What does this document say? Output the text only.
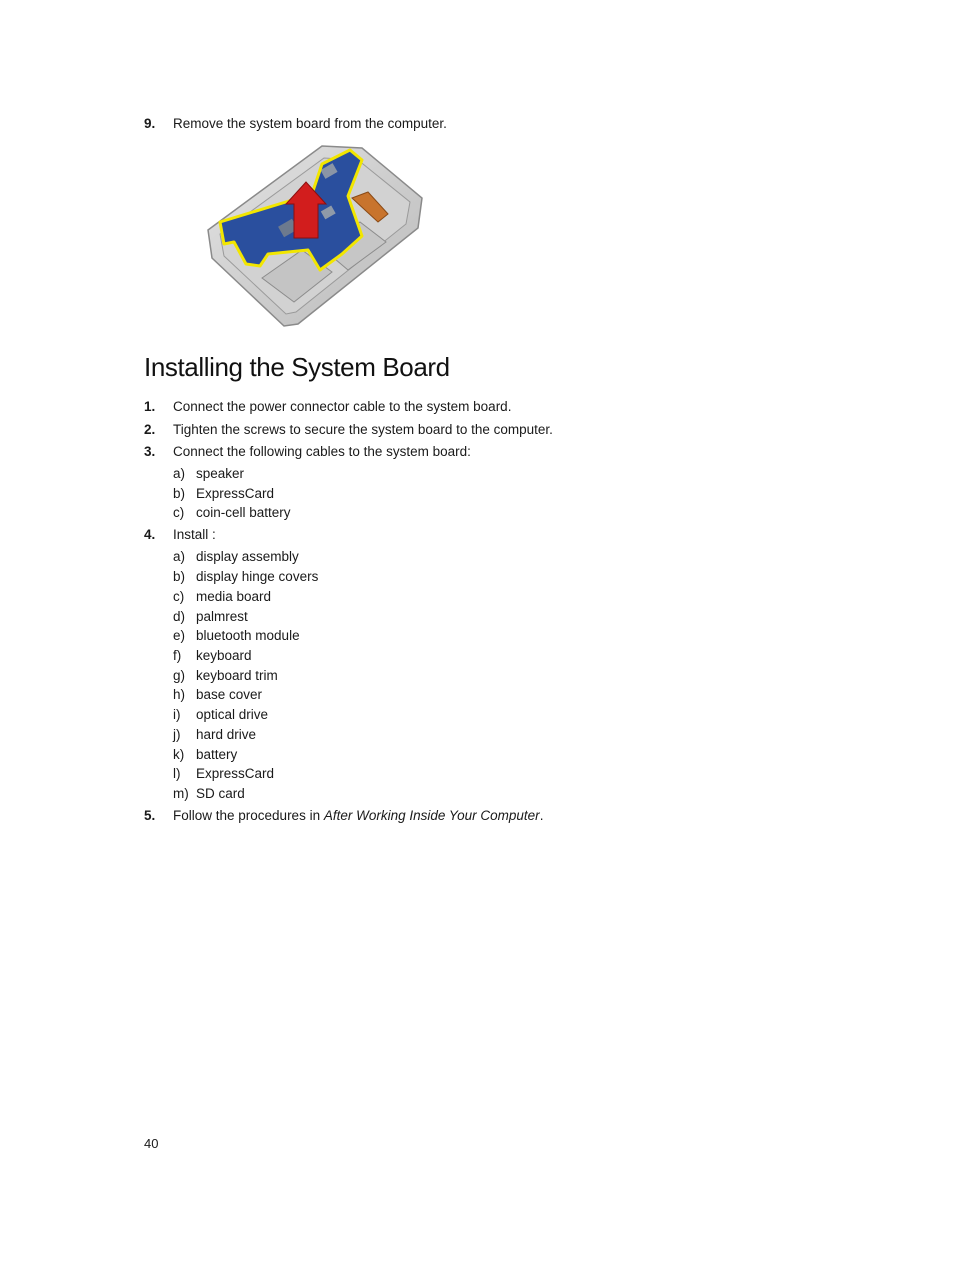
9.	Remove the system board from the computer.
Installing the System Board
1.	Connect the power connector cable to the system board.
2.	Tighten the screws to secure the system board to the computer.
3.	Connect the following cables to the system board:
a) speaker
b) ExpressCard
c) coin-cell battery
4.	Install :
a) display assembly
b) display hinge covers
c) media board
d) palmrest
e) bluetooth module
f) keyboard
g) keyboard trim
h) base cover
i) optical drive
j) hard drive
k) battery
l) ExpressCard
m) SD card
5.	Follow the procedures in After Working Inside Your Computer.
40
